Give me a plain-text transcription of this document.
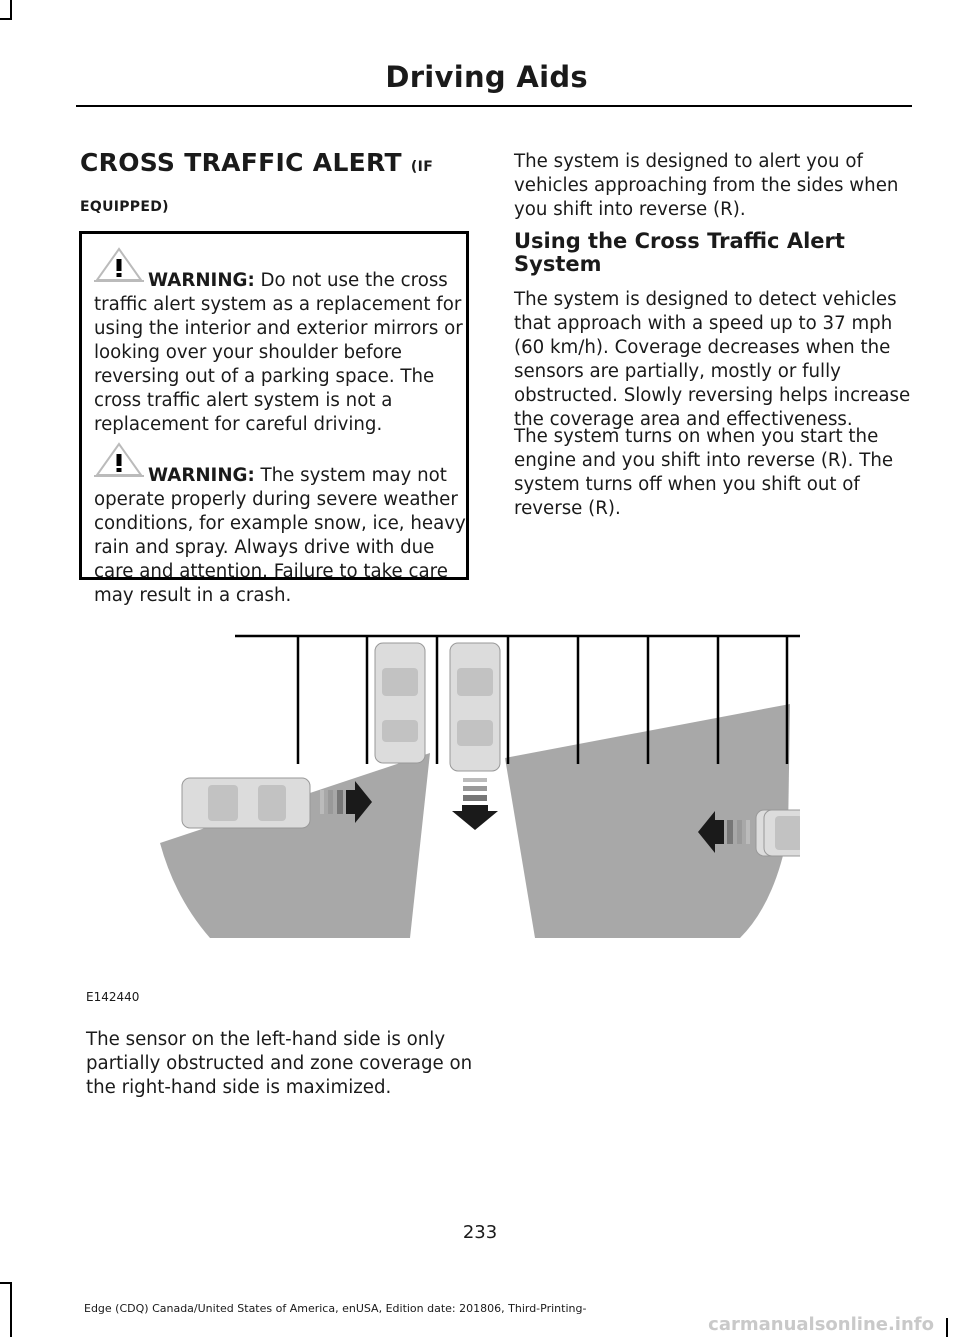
Driving Aids
CROSS TRAFFIC ALERT (IF
EQUIPPED)
WARNING: Do not use the cross traffic alert system as a replacement for using the interior and exterior mirrors or looking over your shoulder before reversing out of a parking space. The cross traffic alert system is not a replacement for careful driving.
WARNING: The system may not operate properly during severe weather conditions, for example snow, ice, heavy rain and spray. Always drive with due care and attention. Failure to take care may result in a crash.
The system is designed to alert you of vehicles approaching from the sides when you shift into reverse (R).
Using the Cross Traffic Alert System
The system is designed to detect vehicles that approach with a speed up to 37 mph (60 km/h). Coverage decreases when the sensors are partially, mostly or fully obstructed. Slowly reversing helps increase the coverage area and effectiveness.
The system turns on when you start the engine and you shift into reverse (R). The system turns off when you shift out of reverse (R).
E142440
The sensor on the left-hand side is only partially obstructed and zone coverage on the right-hand side is maximized.
233
Edge (CDQ) Canada/United States of America, enUSA, Edition date: 201806, Third-Printing-
carmanualsonline.info
